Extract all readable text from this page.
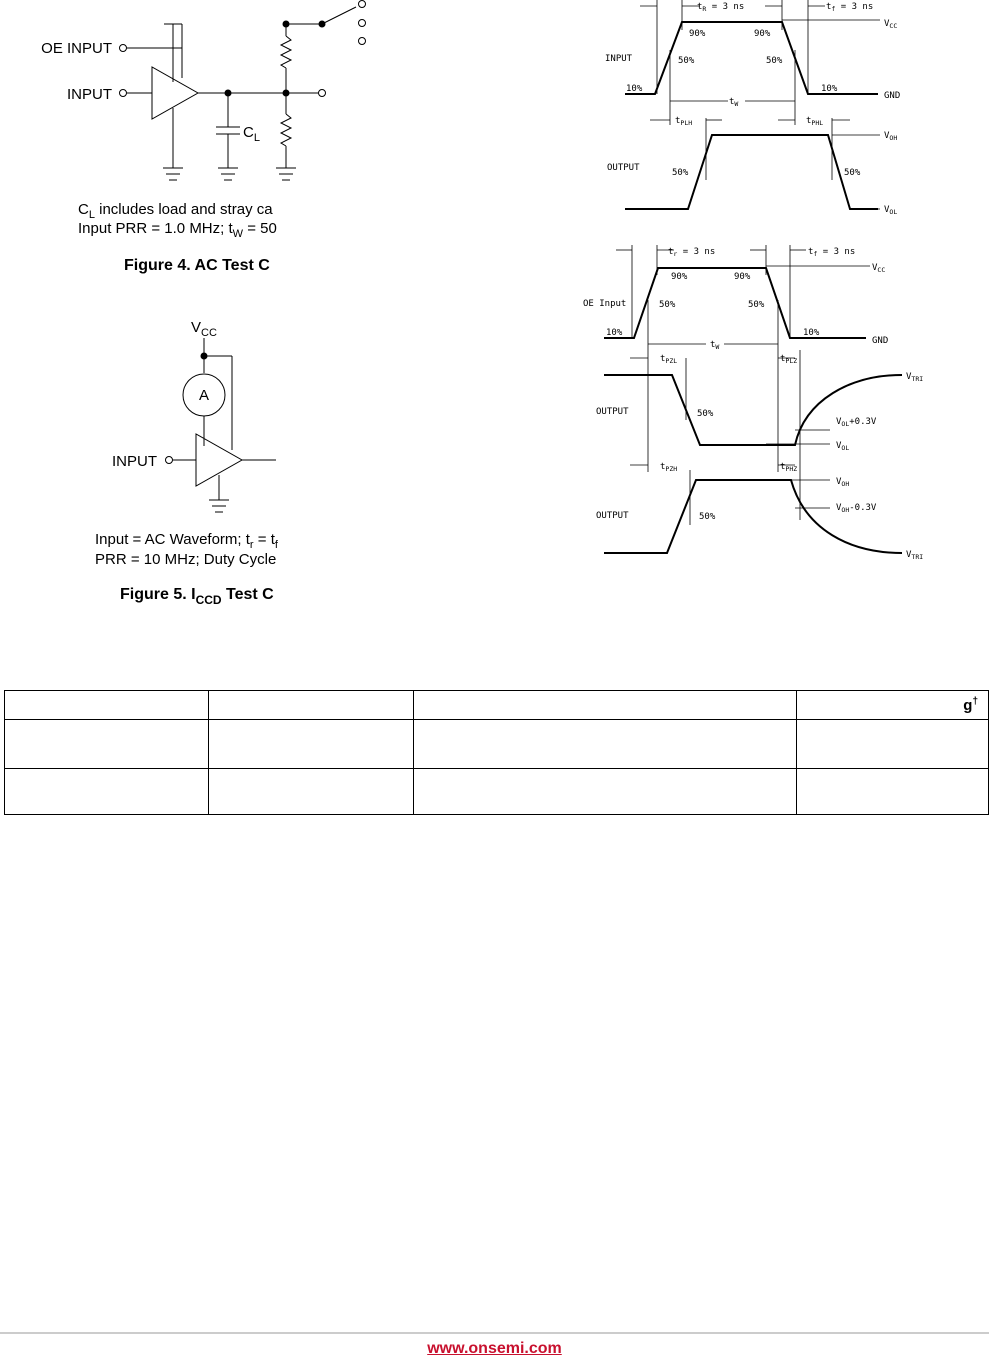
OE INPUT
INPUT
$C_L$
$C_L$ includes load and stray ca
Input PRR = 1.0 MHz; $t_W = 50$
Figure 4. AC Test C
$V_{CC}$
A
INPUT
Input = AC Waveform; $t_r = t_f$
PRR = 10 MHz; Duty Cycle
Figure 5. $I_{CCD}$ Test C
$t_R = 3$ ns	$t_f = 3$ ns
$V_{CC}$
INPUT
90%	90%
50%	50%
10%	10%
GND
$t_W$
$t_{PLH}$	$t_{PHL}$
$V_{OH}$
OUTPUT	50%	50%
$V_{OL}$
$t_r = 3$ ns	$t_f = 3$ ns
$V_{CC}$
OE Input
90%	90%
50%	50%
10%	10%
GND
$t_W$
$t_{PZL}$	$t_{PLZ}$
$V_{TRI}$
OUTPUT	50%
$V_{OL}+0.3V$
$V_{OL}$
$t_{PZH}$	$t_{PHZ}$
$V_{OH}$
$V_{OH}-0.3V$
OUTPUT	50%
$V_{TRI}$
			g†

www.onsemi.com
